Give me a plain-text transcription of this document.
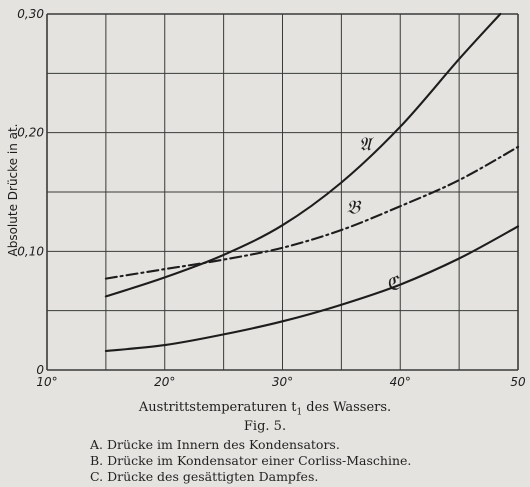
10°	20°	30°	40°	50
0
0,10
0,20
0,30
𝔄
𝔅
ℭ
Absolute Drücke in at.
Austrittstemperaturen $t_1$ des Wassers.
Fig. 5.
A. Drücke im Innern des Kondensators.
B. Drücke im Kondensator einer Corliss-Maschine.
C. Drücke des gesättigten Dampfes.
